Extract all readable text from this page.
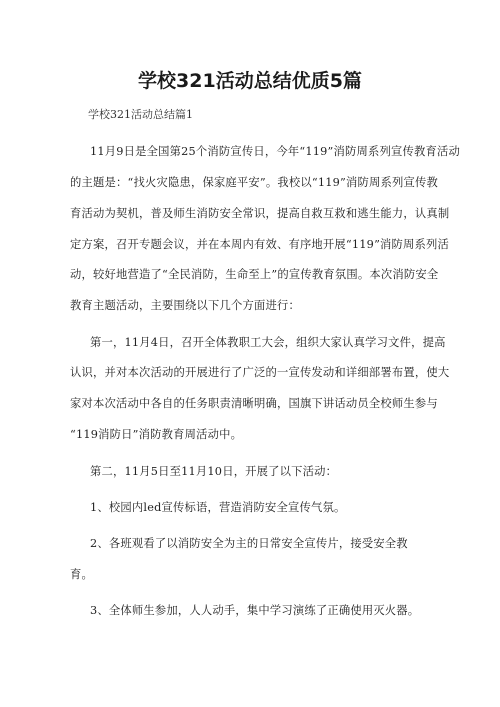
学校321活动总结优质5篇
学校321活动总结篇1
11月9日是全国第25个消防宣传日，今年“119”消防周系列宣传教育活动
的主题是：“找火灾隐患，保家庭平安”。我校以“119”消防周系列宣传教
育活动为契机，普及师生消防安全常识，提高自救互救和逃生能力，认真制
定方案，召开专题会议，并在本周内有效、有序地开展“119”消防周系列活
动，较好地营造了“全民消防，生命至上”的宣传教育氛围。本次消防安全
教育主题活动，主要围绕以下几个方面进行：
第一，11月4日，召开全体教职工大会，组织大家认真学习文件，提高
认识，并对本次活动的开展进行了广泛的一宣传发动和详细部署布置，使大
家对本次活动中各自的任务职责清晰明确，国旗下讲话动员全校师生参与
“119消防日”消防教育周活动中。
第二，11月5日至11月10日，开展了以下活动：
1、校园内led宣传标语，营造消防安全宣传气氛。
2、各班观看了以消防安全为主的日常安全宣传片，接受安全教
育。
3、全体师生参加，人人动手，集中学习演练了正确使用灭火器。
